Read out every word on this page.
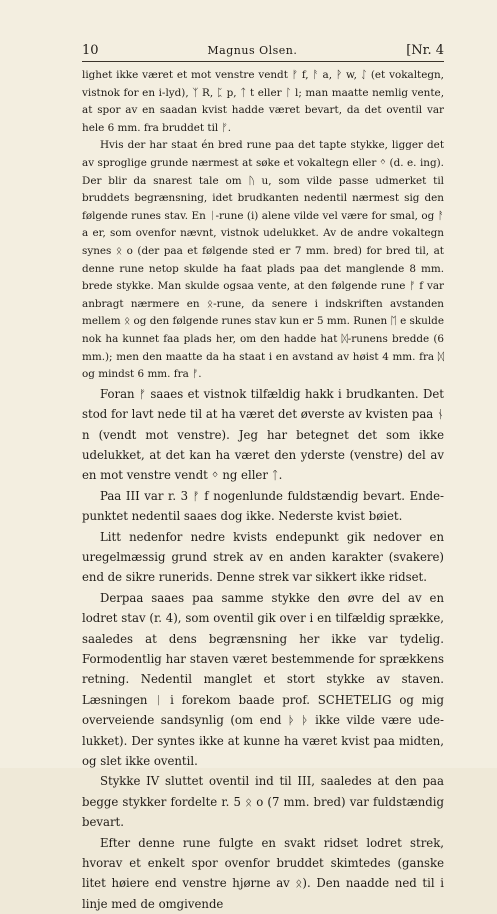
10	Magnus Olsen.	[Nr. 4

lighet ikke været et mot venstre vendt ᚠ f, ᚨ a, ᚹ w, ᛇ (et vokaltegn, vistnok for en i-lyd), ᛉ R, ᛈ p, ᛏ t eller ᛚ l; man maatte nemlig vente, at spor av en saadan kvist hadde været bevart, da det oventil var hele 6 mm. fra bruddet til ᚠ.

Hvis der har staat én bred rune paa det tapte stykke, ligger det av sproglige grunde nærmest at søke et vokaltegn eller ᛜ (d. e. ing). Der blir da snarest tale om ᚢ u, som vilde passe udmerket til bruddets begrænsning, idet brudkanten nedentil nærmest sig den følgende runes stav. En ᛁ-rune (i) alene vilde vel være for smal, og ᚨ a er, som ovenfor nævnt, vistnok udelukket. Av de andre vokaltegn synes ᛟ o (der paa et følgende sted er 7 mm. bred) for bred til, at denne rune netop skulde ha faat plads paa det manglende 8 mm. brede stykke. Man skulde ogsaa vente, at den følgende rune ᚠ f var anbragt nærmere en ᛟ-rune, da senere i indskriften avstanden mellem ᛟ og den følgende runes stav kun er 5 mm. Runen ᛖ e skulde nok ha kunnet faa plads her, om den hadde hat ᛞ-runens bredde (6 mm.); men den maatte da ha staat i en avstand av høist 4 mm. fra ᛞ og mindst 6 mm. fra ᚠ.

Foran ᚠ saaes et vistnok tilfældig hakk i brudkanten. Det stod for lavt nede til at ha været det øverste av kvisten paa ᚾ n (vendt mot venstre). Jeg har betegnet det som ikke udelukket, at det kan ha været den yderste (venstre) del av en mot venstre vendt ᛜ ng eller ᛏ.

Paa III var r. 3 ᚠ f nogenlunde fuldstændig bevart. Endepunktet nedentil saaes dog ikke. Nederste kvist bøiet.

Litt nedenfor nedre kvists endepunkt gik nedover en uregelmæssig grund strek av en anden karakter (svakere) end de sikre runerids. Denne strek var sikkert ikke ridset.

Derpaa saaes paa samme stykke den øvre del av en lodret stav (r. 4), som oventil gik over i en tilfældig sprække, saaledes at dens begrænsning her ikke var tydelig. Formodentlig har staven været bestemmende for sprækkens retning. Nedentil manglet et stort stykke av staven. Læsningen ᛁ i forekom baade prof. SCHETELIG og mig overveiende sandsynlig (om end ᚦ ᚦ ikke vilde være udelukket). Der syntes ikke at kunne ha været kvist paa midten, og slet ikke oventil.

Stykke IV sluttet oventil ind til III, saaledes at den paa begge stykker fordelte r. 5 ᛟ o (7 mm. bred) var fuldstændig bevart.

Efter denne rune fulgte en svakt ridset lodret strek, hvorav et enkelt spor ovenfor bruddet skimtedes (ganske litet høiere end venstre hjørne av ᛟ). Den naadde ned til i linje med de omgivende
